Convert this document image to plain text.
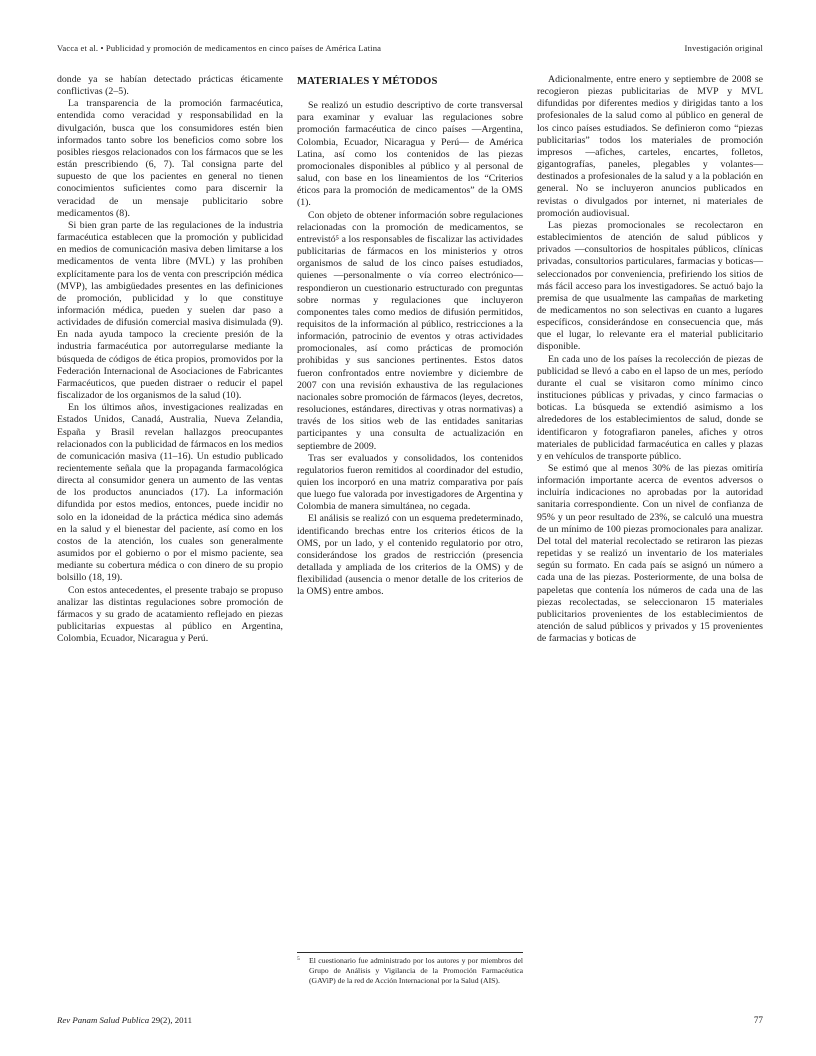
Vacca et al. • Publicidad y promoción de medicamentos en cinco países de América Latina	Investigación original

donde ya se habían detectado prácticas éticamente conflictivas (2–5).

La transparencia de la promoción farmacéutica, entendida como veracidad y responsabilidad en la divulgación, busca que los consumidores estén bien informados tanto sobre los beneficios como sobre los posibles riesgos relacionados con los fármacos que se les están prescribiendo (6, 7). Tal consigna parte del supuesto de que los pacientes en general no tienen conocimientos suficientes como para discernir la veracidad de un mensaje publicitario sobre medicamentos (8).

Si bien gran parte de las regulaciones de la industria farmacéutica establecen que la promoción y publicidad en medios de comunicación masiva deben limitarse a los medicamentos de venta libre (MVL) y las prohíben explícitamente para los de venta con prescripción médica (MVP), las ambigüedades presentes en las definiciones de promoción, publicidad y lo que constituye información médica, pueden y suelen dar paso a actividades de difusión comercial masiva disimulada (9). En nada ayuda tampoco la creciente presión de la industria farmacéutica por autorregularse mediante la búsqueda de códigos de ética propios, promovidos por la Federación Internacional de Asociaciones de Fabricantes Farmacéuticos, que pueden distraer o reducir el papel fiscalizador de los organismos de la salud (10).

En los últimos años, investigaciones realizadas en Estados Unidos, Canadá, Australia, Nueva Zelandia, España y Brasil revelan hallazgos preocupantes relacionados con la publicidad de fármacos en los medios de comunicación masiva (11–16). Un estudio publicado recientemente señala que la propaganda farmacológica directa al consumidor genera un aumento de las ventas de los productos anunciados (17). La información difundida por estos medios, entonces, puede incidir no solo en la idoneidad de la práctica médica sino además en la salud y el bienestar del paciente, así como en los costos de la atención, los cuales son generalmente asumidos por el gobierno o por el mismo paciente, sea mediante su cobertura médica o con dinero de su propio bolsillo (18, 19).

Con estos antecedentes, el presente trabajo se propuso analizar las distintas regulaciones sobre promoción de fármacos y su grado de acatamiento reflejado en piezas publicitarias expuestas al público en Argentina, Colombia, Ecuador, Nicaragua y Perú.

MATERIALES Y MÉTODOS

Se realizó un estudio descriptivo de corte transversal para examinar y evaluar las regulaciones sobre promoción farmacéutica de cinco países —Argentina, Colombia, Ecuador, Nicaragua y Perú— de América Latina, así como los contenidos de las piezas promocionales disponibles al público y al personal de salud, con base en los lineamientos de los “Criterios éticos para la promoción de medicamentos” de la OMS (1).

Con objeto de obtener información sobre regulaciones relacionadas con la promoción de medicamentos, se entrevistó⁵ a los responsables de fiscalizar las actividades publicitarias de fármacos en los ministerios y otros organismos de salud de los cinco países estudiados, quienes —personalmente o vía correo electrónico— respondieron un cuestionario estructurado con preguntas sobre normas y regulaciones que incluyeron componentes tales como medios de difusión permitidos, requisitos de la información al público, restricciones a la información, patrocinio de eventos y otras actividades promocionales, así como prácticas de promoción prohibidas y sus sanciones pertinentes. Estos datos fueron confrontados entre noviembre y diciembre de 2007 con una revisión exhaustiva de las regulaciones nacionales sobre promoción de fármacos (leyes, decretos, resoluciones, estándares, directivas y otras normativas) a través de los sitios web de las entidades sanitarias participantes y una consulta de actualización en septiembre de 2009.

Tras ser evaluados y consolidados, los contenidos regulatorios fueron remitidos al coordinador del estudio, quien los incorporó en una matriz comparativa por país que luego fue valorada por investigadores de Argentina y Colombia de manera simultánea, no cegada.

El análisis se realizó con un esquema predeterminado, identificando brechas entre los criterios éticos de la OMS, por un lado, y el contenido regulatorio por otro, considerándose los grados de restricción (presencia detallada y ampliada de los criterios de la OMS) y de flexibilidad (ausencia o menor detalle de los criterios de la OMS) entre ambos.

5	El cuestionario fue administrado por los autores y por miembros del Grupo de Análisis y Vigilancia de la Promoción Farmacéutica (GAViP) de la red de Acción Internacional por la Salud (AIS).

Adicionalmente, entre enero y septiembre de 2008 se recogieron piezas publicitarias de MVP y MVL difundidas por diferentes medios y dirigidas tanto a los profesionales de la salud como al público en general de los cinco países estudiados. Se definieron como “piezas publicitarias” todos los materiales de promoción impresos —afiches, carteles, encartes, folletos, gigantografías, paneles, plegables y volantes— destinados a profesionales de la salud y a la población en general. No se incluyeron anuncios publicados en revistas o divulgados por internet, ni materiales de promoción audiovisual.

Las piezas promocionales se recolectaron en establecimientos de atención de salud públicos y privados —consultorios de hospitales públicos, clínicas privadas, consultorios particulares, farmacias y boticas— seleccionados por conveniencia, prefiriendo los sitios de más fácil acceso para los investigadores. Se actuó bajo la premisa de que usualmente las campañas de marketing de medicamentos no son selectivas en cuanto a lugares específicos, considerándose en consecuencia que, más que el lugar, lo relevante era el material publicitario disponible.

En cada uno de los países la recolección de piezas de publicidad se llevó a cabo en el lapso de un mes, período durante el cual se visitaron como mínimo cinco instituciones públicas y privadas, y cinco farmacias o boticas. La búsqueda se extendió asimismo a los alrededores de los establecimientos de salud, donde se identificaron y fotografiaron paneles, afiches y otros materiales de publicidad farmacéutica en calles y plazas y en vehículos de transporte público.

Se estimó que al menos 30% de las piezas omitiría información importante acerca de eventos adversos o incluiría indicaciones no aprobadas por la autoridad sanitaria correspondiente. Con un nivel de confianza de 95% y un peor resultado de 23%, se calculó una muestra de un mínimo de 100 piezas promocionales para analizar. Del total del material recolectado se retiraron las piezas repetidas y se realizó un inventario de los materiales según su formato. En cada país se asignó un número a cada una de las piezas. Posteriormente, de una bolsa de papeletas que contenía los números de cada una de las piezas recolectadas, se seleccionaron 15 materiales publicitarios provenientes de los establecimientos de atención de salud públicos y privados y 15 provenientes de farmacias y boticas de

Rev Panam Salud Publica 29(2), 2011	77
